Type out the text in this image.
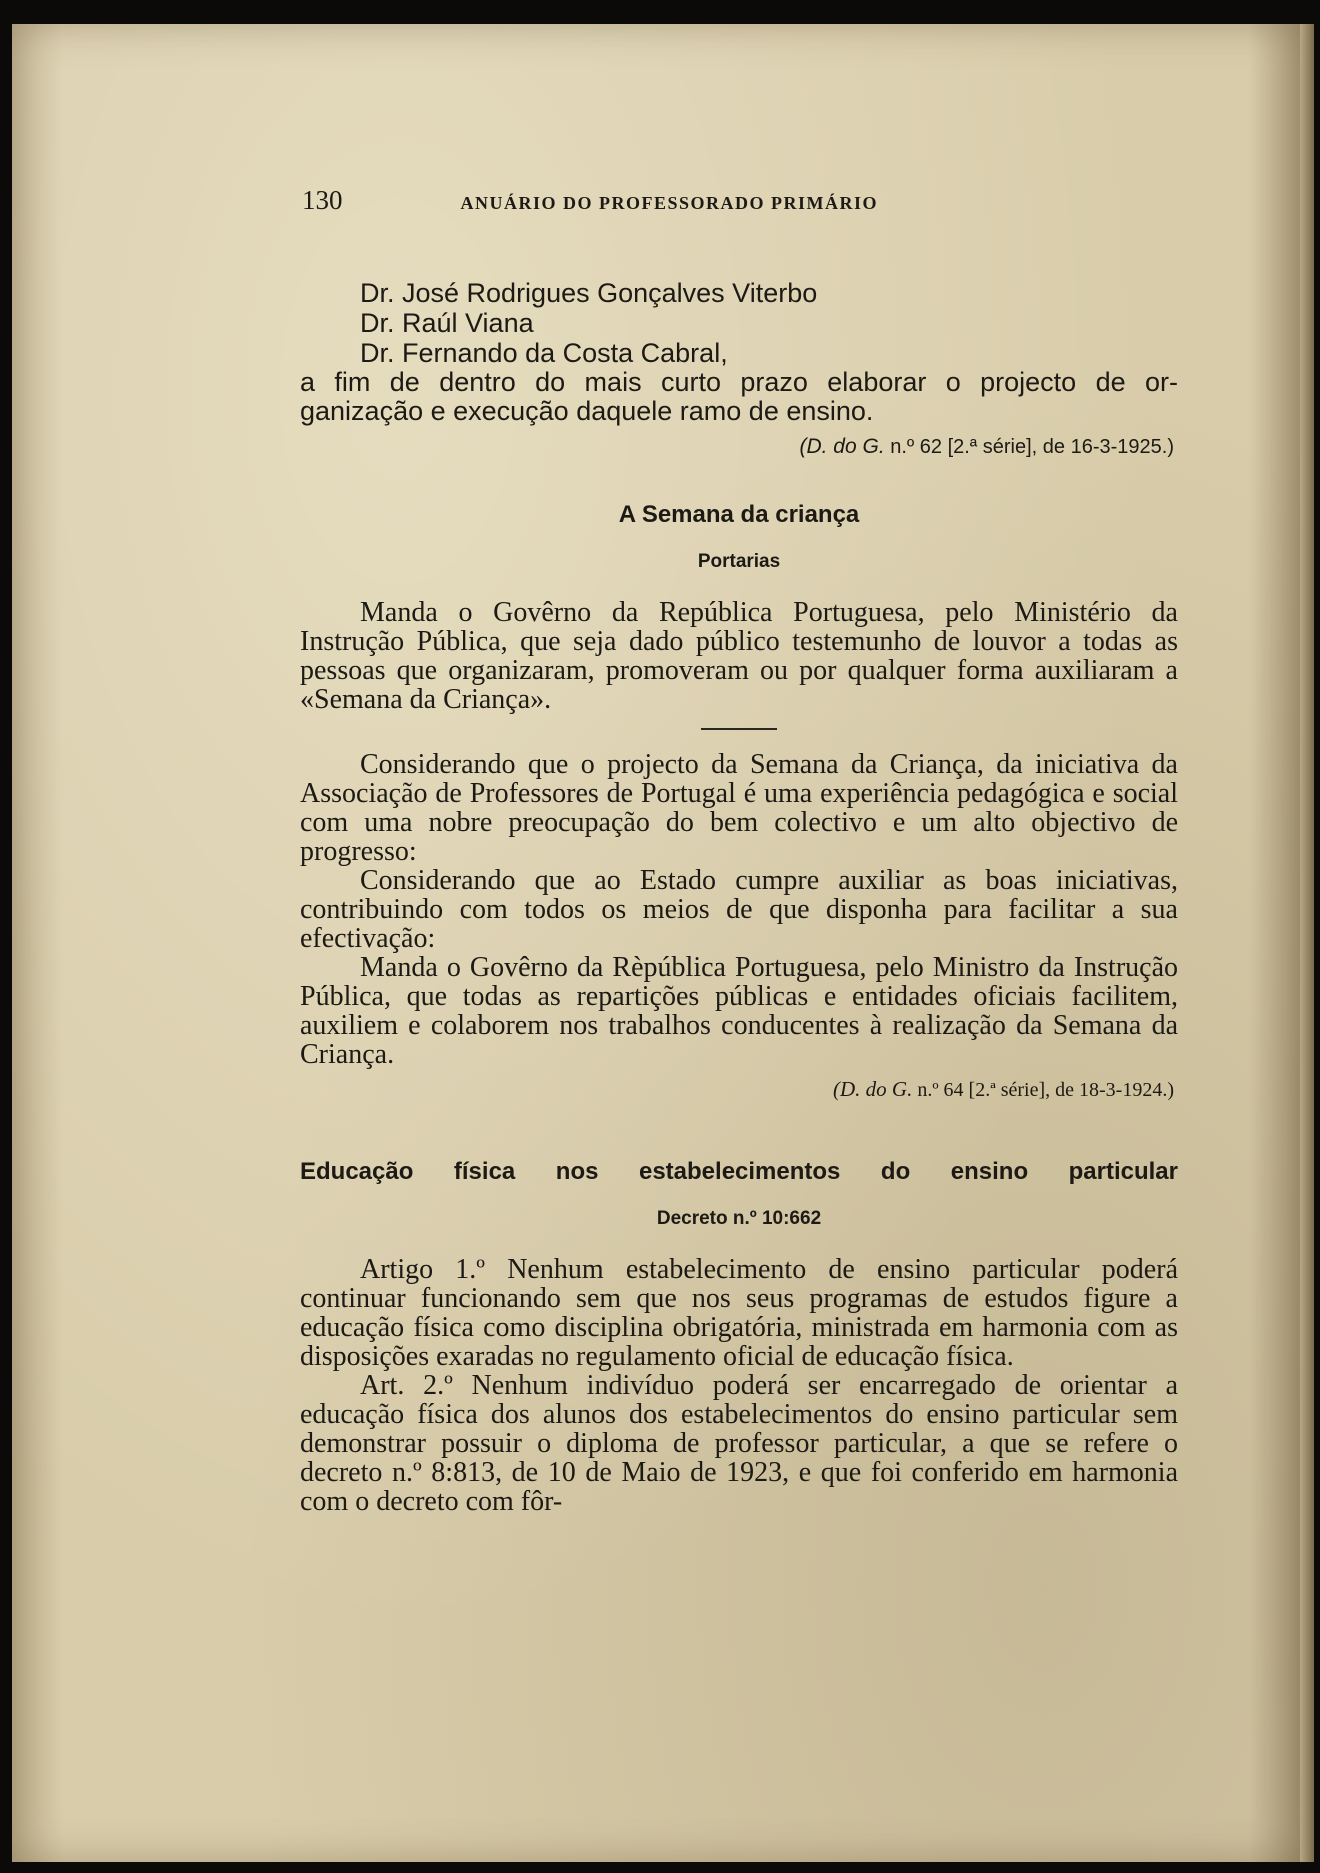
130	ANUÁRIO DO PROFESSORADO PRIMÁRIO
Dr. José Rodrigues Gonçalves Viterbo
Dr. Raúl Viana
Dr. Fernando da Costa Cabral,

a fim de dentro do mais curto prazo elaborar o projecto de or-

ganização e execução daquele ramo de ensino.

(D. do G. n.º 62 [2.ª série], de 16-3-1925.)

A Semana da criança
Portarias

Manda o Govêrno da República Portuguesa, pelo Ministério da Instrução Pública, que seja dado público testemunho de louvor a todas as pessoas que organizaram, promoveram ou por qualquer forma auxiliaram a «Semana da Criança».

Considerando que o projecto da Semana da Criança, da iniciativa da Associação de Professores de Portugal é uma experiência pedagógica e social com uma nobre preocupação do bem colectivo e um alto objectivo de progresso:

Considerando que ao Estado cumpre auxiliar as boas iniciativas, contribuindo com todos os meios de que disponha para facilitar a sua efectivação:

Manda o Govêrno da Rèpública Portuguesa, pelo Ministro da Instrução Pública, que todas as repartições públicas e entidades oficiais facilitem, auxiliem e colaborem nos trabalhos conducentes à realização da Semana da Criança.

(D. do G. n.º 64 [2.ª série], de 18-3-1924.)

Educação física nos estabelecimentos do ensino particular
Decreto n.º 10:662

Artigo 1.º Nenhum estabelecimento de ensino particular poderá continuar funcionando sem que nos seus programas de estudos figure a educação física como disciplina obrigatória, ministrada em harmonia com as disposições exaradas no regulamento oficial de educação física.

Art. 2.º Nenhum indivíduo poderá ser encarregado de orientar a educação física dos alunos dos estabelecimentos do ensino particular sem demonstrar possuir o diploma de professor particular, a que se refere o decreto n.º 8:813, de 10 de Maio de 1923, e que foi conferido em harmonia com o decreto com fôr-
